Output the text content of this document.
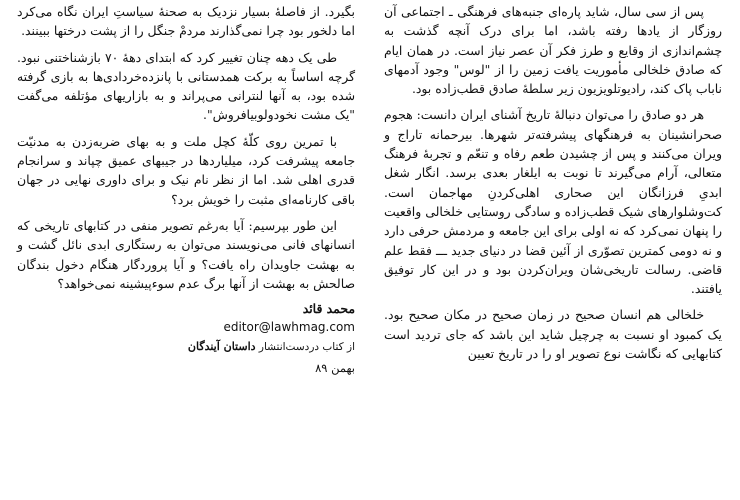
پس از سی سال، شاید پاره‌ای جنبه‌های فرهنگی ـ اجتماعی آن روزگار از یادها رفته باشد، اما برای درک آنچه گذشت به چشم‌اندازی از وقایع و طرز فکر آن عصر نیاز است. در همان ایام که صادق خلخالی مأموریت یافت زمین را از "لوس" وجود آدمهای ناباب پاک کند، رادیوتلویزیون زیر سلطهٔ صادق قطب‌زاده بود.

هر دو صادق را می‌توان دنبالهٔ تاریخ آشنای ایران دانست: هجوم صحرانشینان به فرهنگهای پیشرفته‌تر شهرها. بیرحمانه تاراج و ویران می‌کنند و پس از چشیدن طعم رفاه و تنعّم و تجربهٔ فرهنگ متعالی، آرام می‌گیرند تا نوبت به ایلغار بعدی برسد. انگار شغل ابدیِ فرزانگان این صحاری اهلی‌کردنِ مهاجمان است. کت‌وشلوارهای شیک قطب‌زاده و سادگی روستایی خلخالی واقعیت را پنهان نمی‌کرد که نه اولی برای این جامعه و مردمش حرفی دارد و نه دومی کمترین تصوّری از آئین قضا در دنیای جدید ـــ فقط علم قاضی. رسالت تاریخی‌شان ویران‌کردن بود و در این کار توفیق یافتند.

خلخالی هم انسان صحیح در زمان صحیح در مکان صحیح بود. یک کمبود او نسبت به چرچیل شاید این باشد که جای تردید است کتابهایی که نگاشت نوع تصویر او را در تاریخ تعیین

بگیرد. از فاصلهٔ بسیار نزدیک به صحنهٔ سیاستِ ایران نگاه می‌کرد اما دلخور بود چرا نمی‌گذارند مردمْ جنگل را از پشت درختها ببینند.

طی یک دهه چنان تغییر کرد که ابتدای دههٔ ۷۰ بازشناختنی نبود. گرچه اساساً به برکت همدستانی با پانزده‌خردادی‌ها به بازی گرفته شده بود، به آنها لنترانی می‌پراند و به بازاریهای مؤتلفه می‌گفت "یک مشت نخودولوبیافروش".

با تمرین روی کلّهٔ کچل ملت و به بهای ضربه‌زدن به مدنیّت جامعه پیشرفت کرد، میلیاردها در جیبهای عمیق چپاند و سرانجام قدری اهلی شد. اما از نظر نام نیک و برای داوری نهایی در جهان باقی کارنامه‌ای مثبت را خویش برد؟

این طور بپرسیم: آیا به‌رغم تصویر منفی در کتابهای تاریخی که انسانهای فانی می‌نویسند می‌توان به رستگاری ابدی نائل گشت و به بهشت جاویدان راه یافت؟ و آیا پروردگار هنگام دخول بندگان صالحش به بهشت از آنها برگ عدم سوءپیشینه نمی‌خواهد؟

محمد قائد
editor@lawhmag.com
از کتاب دردست‌انتشار داستان آیندگان
بهمن ۸۹
